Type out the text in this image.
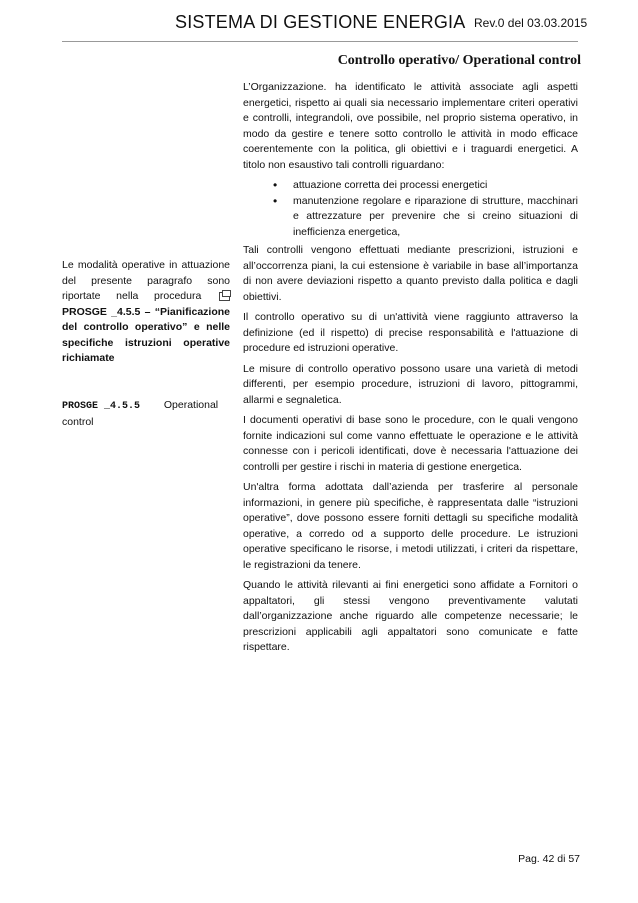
SISTEMA DI GESTIONE ENERGIA Rev.0 del 03.03.2015
Controllo operativo/ Operational control
Le modalità operative in attuazione del presente paragrafo sono riportate nella procedura  PROSGE _4.5.5 – “Pianificazione del controllo operativo” e nelle specifiche istruzioni operative richiamate
PROSGE _4.5.5 Operational control

L’Organizzazione. ha identificato le attività associate agli aspetti energetici, rispetto ai quali sia necessario implementare criteri operativi e controlli, integrandoli, ove possibile, nel proprio sistema operativo, in modo da gestire e tenere sotto controllo le attività in modo efficace coerentemente con la politica, gli obiettivi e i traguardi energetici. A titolo non esaustivo tali controlli riguardano:

• attuazione corretta dei processi energetici
• manutenzione regolare e riparazione di strutture, macchinari e attrezzature per prevenire che si creino situazioni di inefficienza energetica,

Tali controlli vengono effettuati mediante prescrizioni, istruzioni e all’occorrenza piani, la cui estensione è variabile in base all’importanza di non avere deviazioni rispetto a quanto previsto dalla politica e dagli obiettivi.

Il controllo operativo su di un'attività viene raggiunto attraverso la definizione (ed il rispetto) di precise responsabilità e l'attuazione di procedure ed istruzioni operative.

Le misure di controllo operativo possono usare una varietà di metodi differenti, per esempio procedure, istruzioni di lavoro, pittogrammi, allarmi e segnaletica.

I documenti operativi di base sono le procedure, con le quali vengono fornite indicazioni sul come vanno effettuate le operazione e le attività connesse con i pericoli identificati, dove è necessaria l'attuazione dei controlli per gestire i rischi in materia di gestione energetica.

Un'altra forma adottata dall’azienda per trasferire al personale informazioni, in genere più specifiche, è rappresentata dalle “istruzioni operative”, dove possono essere forniti dettagli su specifiche modalità operative, a corredo od a supporto delle procedure. Le istruzioni operative specificano le risorse, i metodi utilizzati, i criteri da rispettare, le registrazioni da tenere.

Quando le attività rilevanti ai fini energetici sono affidate a Fornitori o appaltatori, gli stessi vengono preventivamente valutati dall’organizzazione anche riguardo alle competenze necessarie; le prescrizioni applicabili agli appaltatori sono comunicate e fatte rispettare.

Pag. 42 di 57
